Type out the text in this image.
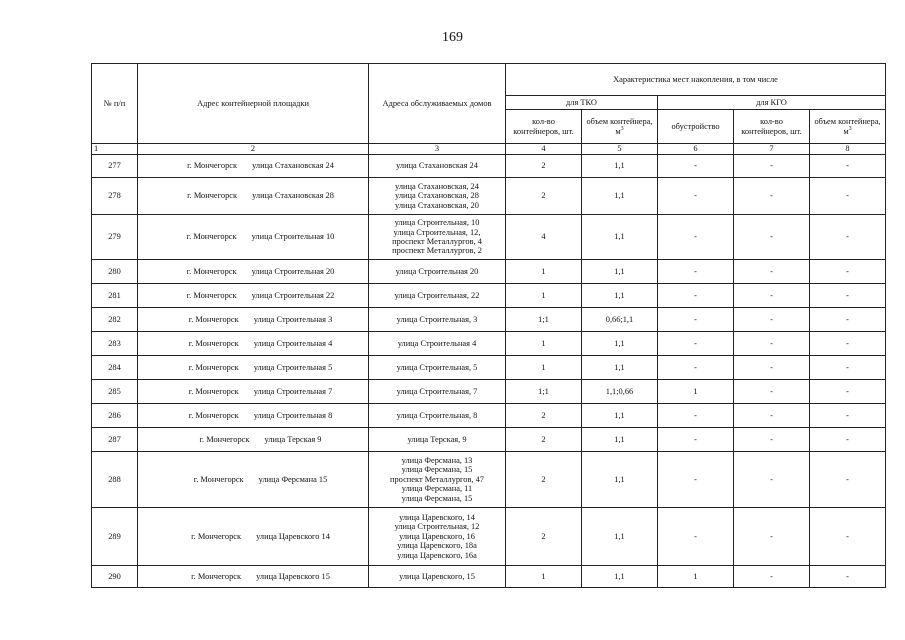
169
№ п/п	Адрес контейнерной площадки	Адреса обслуживаемых домов	Характеристика мест накопления, в том числе				
			для ТКО		для КГО		
			кол-во контейнеров, шт.	объем контейнера, $м^3$	обустройство	кол-во контейнеров, шт.	объем контейнера, $м^3$
1	2	3	4	5	6	7	8
277	г. Мончегорск улица Стахановская 24	улица Стахановская 24	2	1,1	-	-	-
278	г. Мончегорск улица Стахановская 28	улица Стахановская, 24
улица Стахановская, 28
улица Стахановская, 20	2	1,1	-	-	-
279	г. Мончегорск улица Строительная 10	улица Строительная, 10
улица Строительная, 12,
проспект Металлургов, 4
проспект Металлургов, 2	4	1,1	-	-	-
280	г. Мончегорск улица Строительная 20	улица Строительная 20	1	1,1	-	-	-
281	г. Мончегорск улица Строительная 22	улица Строительная, 22	1	1,1	-	-	-
282	г. Мончегорск улица Строительная 3	улица Строительная, 3	1;1	0,66;1,1	-	-	-
283	г. Мончегорск улица Строительная 4	улица Строительная 4	1	1,1	-	-	-
284	г. Мончегорск улица Строительная 5	улица Строительная, 5	1	1,1	-	-	-
285	г. Мончегорск улица Строительная 7	улица Строительная, 7	1;1	1,1;0,66	1	-	-
286	г. Мончегорск улица Строительная 8	улица Строительная, 8	2	1,1	-	-	-
287	г. Мончегорск улица Терская 9	улица Терская, 9	2	1,1	-	-	-
288	г. Мончегорск улица Ферсмана 15	улица Ферсмана, 13
улица Ферсмана, 15
проспект Металлургов, 47
улица Ферсмана, 11
улица Ферсмана, 15	2	1,1	-	-	-
289	г. Мончегорск улица Царевского 14	улица Царевского, 14
улица Строительная, 12
улица Царевского, 16
улица Царевского, 18а
улица Царевского, 16а	2	1,1	-	-	-
290	г. Мончегорск улица Царевского 15	улица Царевского, 15	1	1,1	1	-	-
